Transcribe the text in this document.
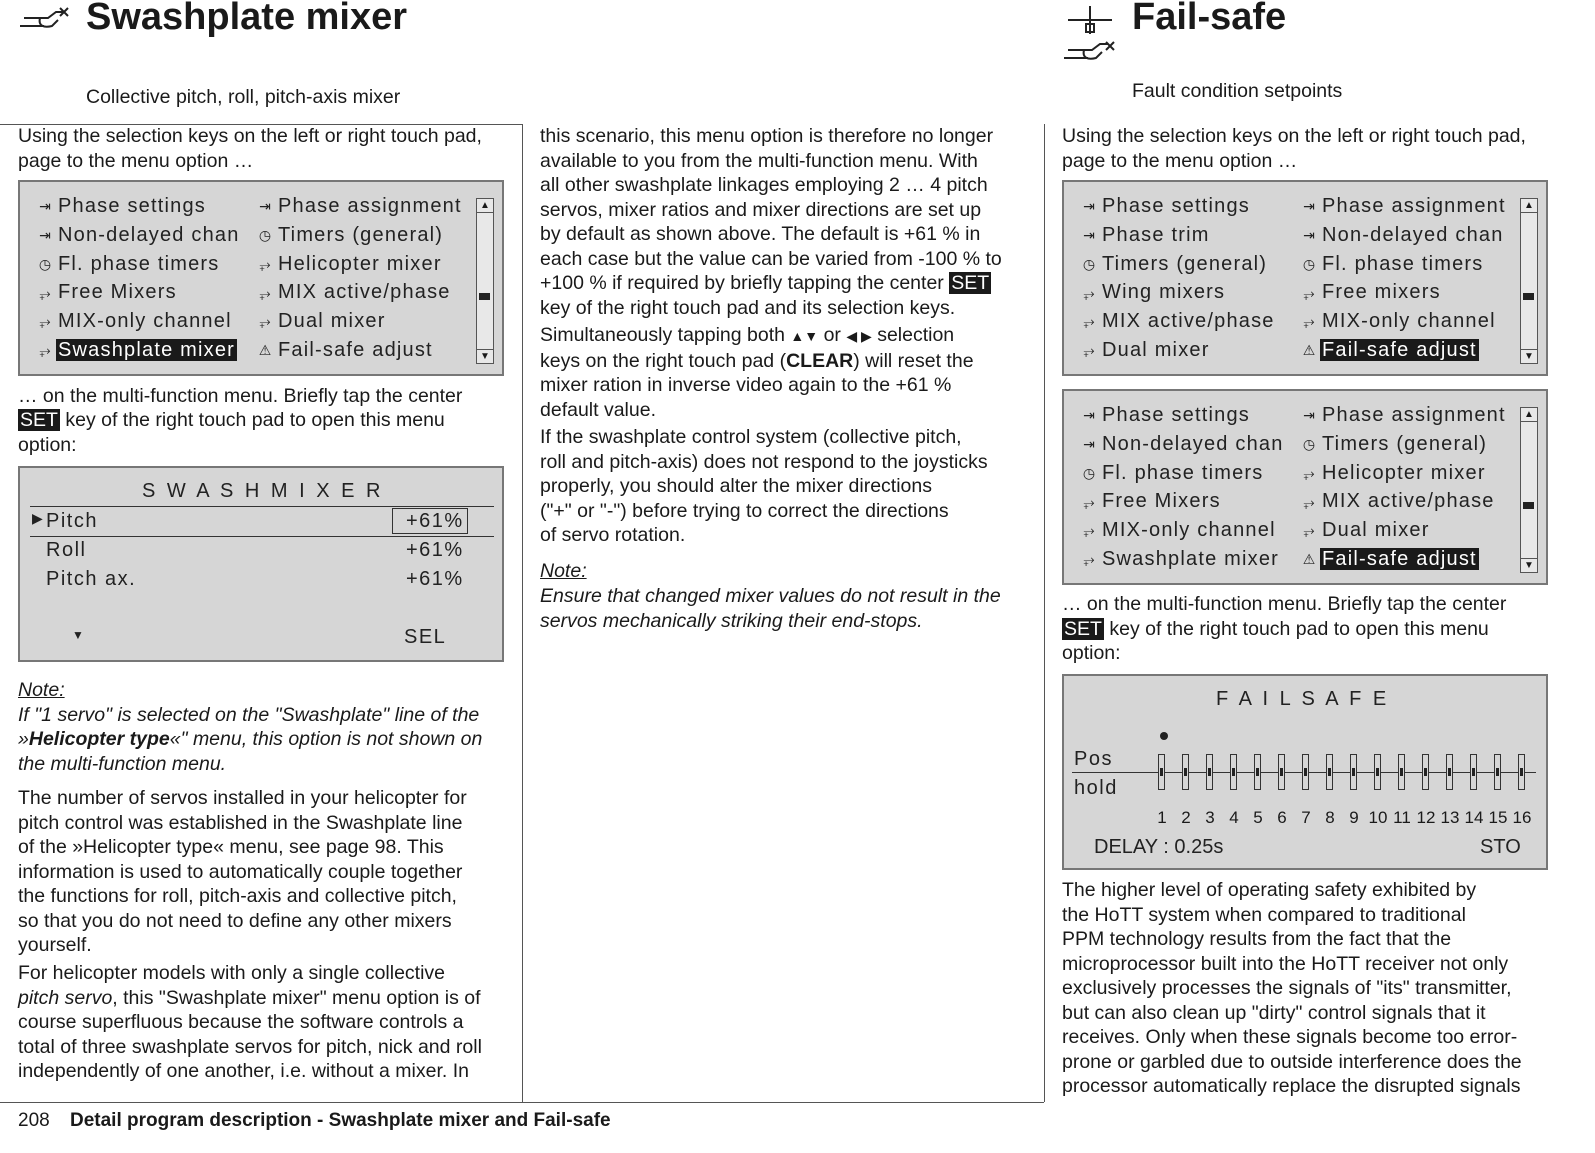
Swashplate mixer
Collective pitch, roll, pitch-axis mixer
Fail-safe
Fault condition setpoints
Using the selection keys on the left or right touch pad, page to the menu option …
⇥ Phase settings
⇥ Non-delayed chan
◷ Fl. phase timers
⥅ Free Mixers
⥅ MIX-only channel
⥅ Swashplate mixer
⇥ Phase assignment
◷ Timers (general)
⥅ Helicopter mixer
⥅ MIX active/phase
⥅ Dual mixer
⚠ Fail-safe adjust
▲
▼
… on the multi-function menu. Briefly tap the center
SET key of the right touch pad to open this menu
option:
S W A S H M I X E R
▶ Pitch	+61%
Roll	+61%
Pitch ax.	+61%
▼	SEL
Note:
If "1 servo" is selected on the "Swashplate" line of the
»Helicopter type«" menu, this option is not shown on
the multi-function menu.
The number of servos installed in your helicopter for
pitch control was established in the Swashplate line
of the »Helicopter type« menu, see page 98. This
information is used to automatically couple together
the functions for roll, pitch-axis and collective pitch,
so that you do not need to define any other mixers
yourself.
For helicopter models with only a single collective
pitch servo, this "Swashplate mixer" menu option is of
course superfluous because the software controls a
total of three swashplate servos for pitch, nick and roll
independently of one another, i.e. without a mixer. In
this scenario, this menu option is therefore no longer
available to you from the multi-function menu. With
all other swashplate linkages employing 2 … 4 pitch
servos, mixer ratios and mixer directions are set up
by default as shown above. The default is +61 % in
each case but the value can be varied from -100 % to
+100 % if required by briefly tapping the center SET
key of the right touch pad and its selection keys.
Simultaneously tapping both ▲▼ or ◀ ▶ selection
keys on the right touch pad (CLEAR) will reset the
mixer ration in inverse video again to the +61 %
default value.
If the swashplate control system (collective pitch,
roll and pitch-axis) does not respond to the joysticks
properly, you should alter the mixer directions
("+" or "-") before trying to correct the directions
of servo rotation.
Note:
Ensure that changed mixer values do not result in the
servos mechanically striking their end-stops.
Using the selection keys on the left or right touch pad, page to the menu option …
⇥ Phase settings
⇥ Phase trim
◷ Timers (general)
⥅ Wing mixers
⥅ MIX active/phase
⥅ Dual mixer
⇥ Phase assignment
⇥ Non-delayed chan
◷ Fl. phase timers
⥅ Free mixers
⥅ MIX-only channel
⚠ Fail-safe adjust
▲
▼
⇥ Phase settings
⇥ Non-delayed chan
◷ Fl. phase timers
⥅ Free Mixers
⥅ MIX-only channel
⥅ Swashplate mixer
⇥ Phase assignment
◷ Timers (general)
⥅ Helicopter mixer
⥅ MIX active/phase
⥅ Dual mixer
⚠ Fail-safe adjust
▲
▼
… on the multi-function menu. Briefly tap the center
SET key of the right touch pad to open this menu
option:
F A I L S A F E
Pos
hold
1 2 3 4 5 6 7 8 9 10 11 12 13 14 15 16
DELAY : 0.25s	STO
The higher level of operating safety exhibited by
the HoTT system when compared to traditional
PPM technology results from the fact that the
microprocessor built into the HoTT receiver not only
exclusively processes the signals of "its" transmitter,
but can also clean up "dirty" control signals that it
receives. Only when these signals become too error-
prone or garbled due to outside interference does the
processor automatically replace the disrupted signals
208 Detail program description - Swashplate mixer and Fail-safe
